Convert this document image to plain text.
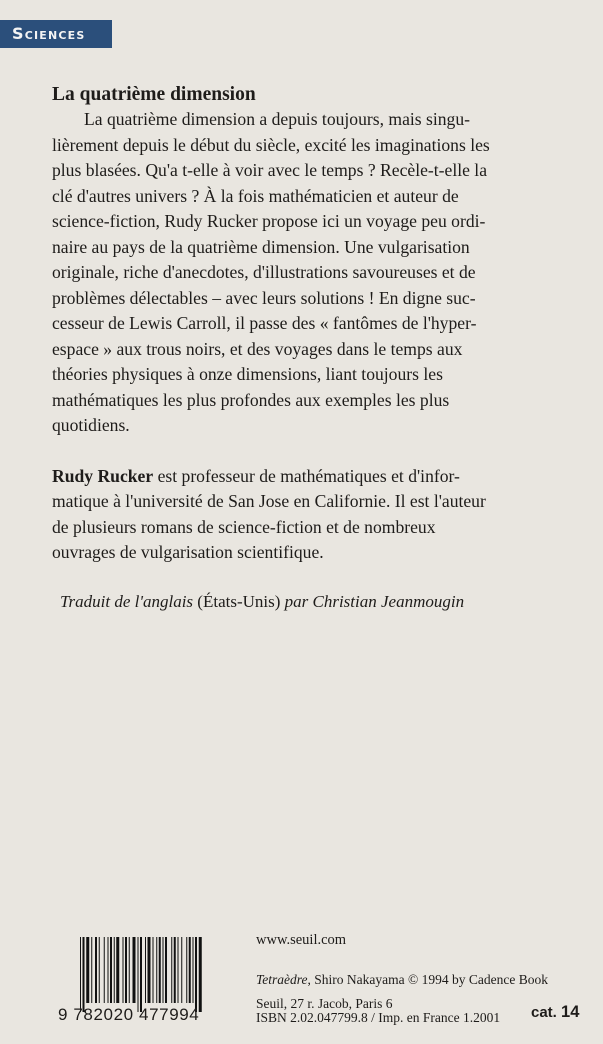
Sciences
La quatrième dimension
La quatrième dimension a depuis toujours, mais singu-
lièrement depuis le début du siècle, excité les imaginations les
plus blasées. Qu'a t-elle à voir avec le temps ? Recèle-t-elle la
clé d'autres univers ? À la fois mathématicien et auteur de
science-fiction, Rudy Rucker propose ici un voyage peu ordi-
naire au pays de la quatrième dimension. Une vulgarisation
originale, riche d'anecdotes, d'illustrations savoureuses et de
problèmes délectables – avec leurs solutions ! En digne suc-
cesseur de Lewis Carroll, il passe des « fantômes de l'hyper-
espace » aux trous noirs, et des voyages dans le temps aux
théories physiques à onze dimensions, liant toujours les
mathématiques les plus profondes aux exemples les plus
quotidiens.
Rudy Rucker est professeur de mathématiques et d'infor-
matique à l'université de San Jose en Californie. Il est l'auteur
de plusieurs romans de science-fiction et de nombreux
ouvrages de vulgarisation scientifique.
Traduit de l'anglais (États-Unis) par Christian Jeanmougin
9 782020 477994
www.seuil.com
Tetraèdre, Shiro Nakayama © 1994 by Cadence Book
Seuil, 27 r. Jacob, Paris 6
ISBN 2.02.047799.8 / Imp. en France 1.2001 cat. 14
